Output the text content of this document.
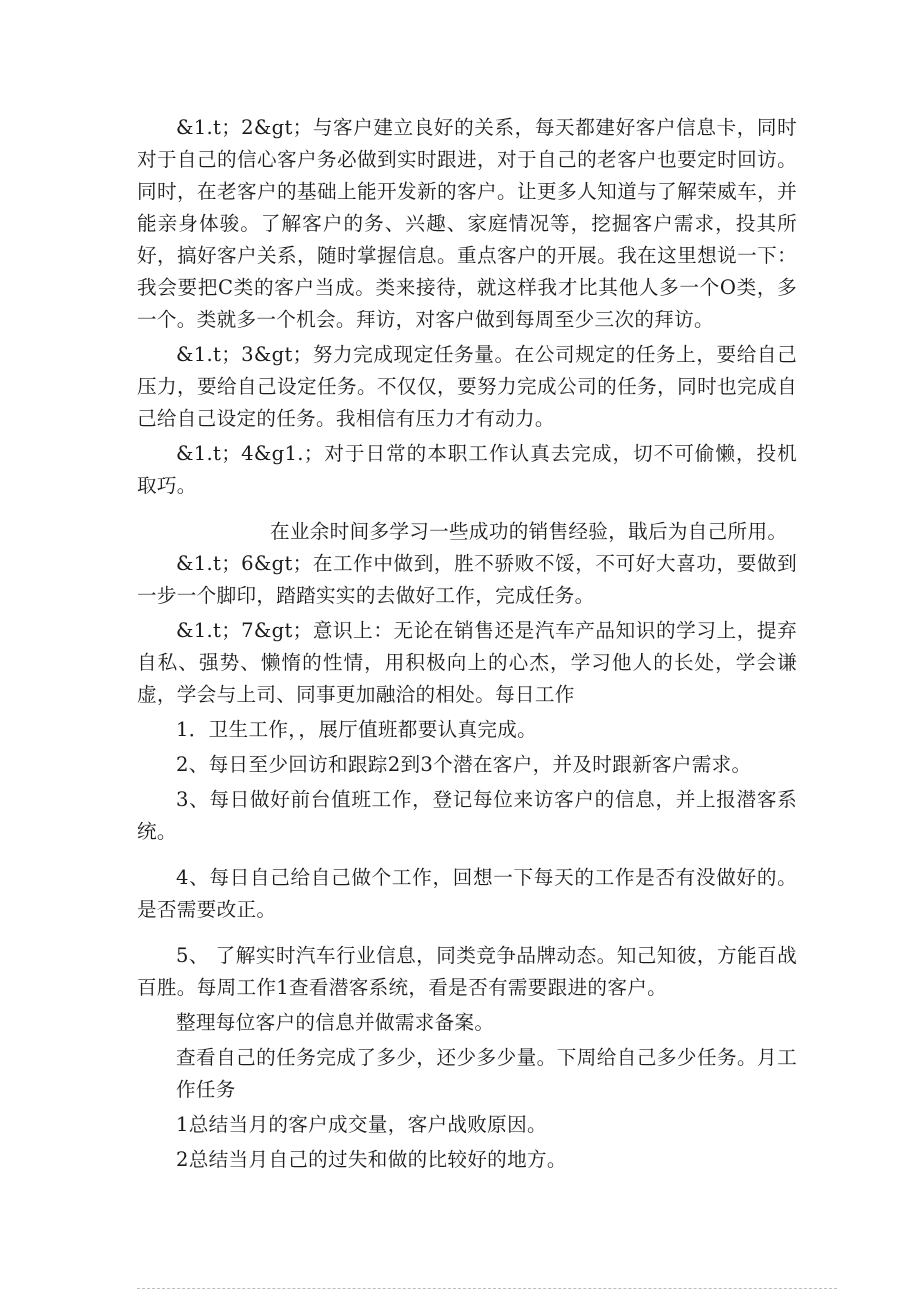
&1.t；2&gt；与客户建立良好的关系，每天都建好客户信息卡，同时对于自己的信心客户务必做到实时跟进，对于自己的老客户也要定时回访。同时，在老客户的基础上能开发新的客户。让更多人知道与了解荣威车，并能亲身体骏。了解客户的务、兴趣、家庭情况等，挖掘客户需求，投其所好，搞好客户关系，随时掌握信息。重点客户的开展。我在这里想说一下：我会要把C类的客户当成。类来接待，就这样我才比其他人多一个O类，多一个。类就多一个机会。拜访，对客户做到每周至少三次的拜访。

&1.t；3&gt；努力完成现定任务量。在公司规定的任务上，要给自己压力，要给自己设定任务。不仅仅，要努力完成公司的任务，同时也完成自己给自己设定的任务。我相信有压力才有动力。

&1.t；4&g1.；对于日常的本职工作认真去完成，切不可偷懒，投机取巧。

在业余时间多学习一些成功的销售经验，戢后为自己所用。

&1.t；6&gt；在工作中做到，胜不骄败不馁，不可好大喜功，要做到一步一个脚印，踏踏实实的去做好工作，完成任务。

&1.t；7&gt；意识上：无论在销售还是汽车产品知识的学习上，提弃自私、强势、懒惰的性情，用积极向上的心杰，学习他人的长处，学会谦虚，学会与上司、同事更加融洽的相处。每日工作

1．卫生工作，，展厅值班都要认真完成。

2、每日至少回访和跟踪2到3个潜在客户，并及时跟新客户需求。

3、每日做好前台值班工作，登记每位来访客户的信息，并上报潜客系统。

4、每日自己给自己做个工作，回想一下每天的工作是否有没做好的。是否需要改正。

5、 了解实时汽车行业信息，同类竞争品牌动态。知己知彼，方能百战百胜。每周工作1查看潜客系统，看是否有需要跟进的客户。

整理每位客户的信息并做需求备案。

查看自己的任务完成了多少，还少多少量。下周给自己多少任务。月工作任务

1总结当月的客户成交量，客户战败原因。

2总结当月自己的过失和做的比较好的地方。
